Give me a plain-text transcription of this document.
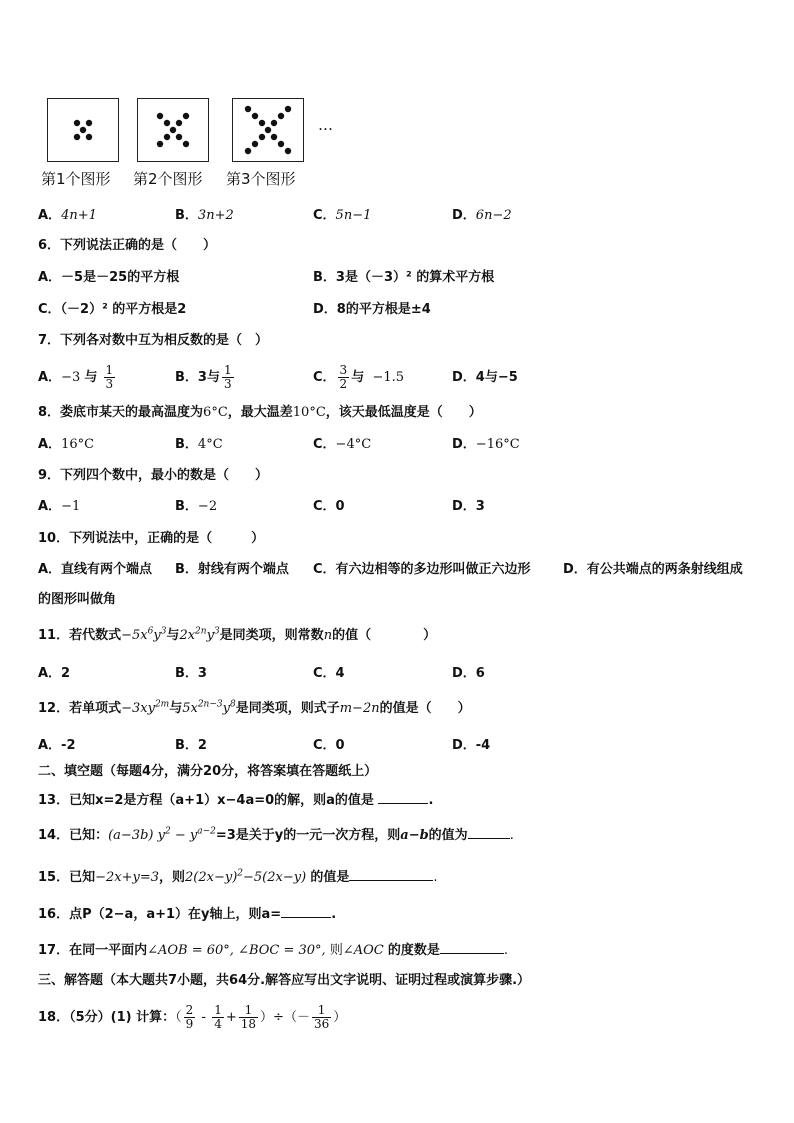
…
第1个图形 第2个图形 第3个图形
A．4n+1	B．3n+2	C．5n−1	D．6n−2
6．下列说法正确的是（　　）
A．－5是－25的平方根	B．3是（－3）² 的算术平方根
C．（－2）² 的平方根是2	D．8的平方根是±4
7．下列各对数中互为相反数的是（　）
A．−3 与 $\frac{1}{3}$	B．3与 $\frac{1}{3}$	C． $\frac{3}{2}$ 与 −1.5	D．4与−5
8．娄底市某天的最高温度为6°C，最大温差10°C，该天最低温度是（　　）
A．16°C	B．4°C	C．−4°C	D．−16°C
9．下列四个数中，最小的数是（　　）
A．−1	B．−2	C．0	D．3
10．下列说法中，正确的是（　　　）
A．直线有两个端点 B．射线有两个端点 C．有六边相等的多边形叫做正六边形 D．有公共端点的两条射线组成
的图形叫做角
11．若代数式$-5x^6y^3$与$2x^{2n}y^3$是同类项，则常数n的值（　　　　）
A．2	B．3	C．4	D．6
12．若单项式$-3xy^{2m}$与$5x^{2n-3}y^8$是同类项，则式子m−2n的值是（　　）
A．-2	B．2	C．0	D．-4
二、填空题（每题4分，满分20分，将答案填在答题纸上）
13．已知x=2是方程（a+1）x−4a=0的解，则a的值是	.
14．已知：(a−3b) $y^2 - y^{a-2}=3$是关于y的一元一次方程，则a−b的值为	.
15．已知−2x+y=3，则$2(2x-y)^2-5(2x-y)$ 的值是	.
16．点P（2−a，a+1）在y轴上，则a=	.
17．在同一平面内∠AOB = 60°, ∠BOC = 30°, 则∠AOC 的度数是	.
三、解答题（本大题共7小题，共64分.解答应写出文字说明、证明过程或演算步骤.）
18．（5分）(1) 计算：（ $\frac{2}{9} - \frac{1}{4} + \frac{1}{18}$ ）÷（－ $\frac{1}{36}$ ）
